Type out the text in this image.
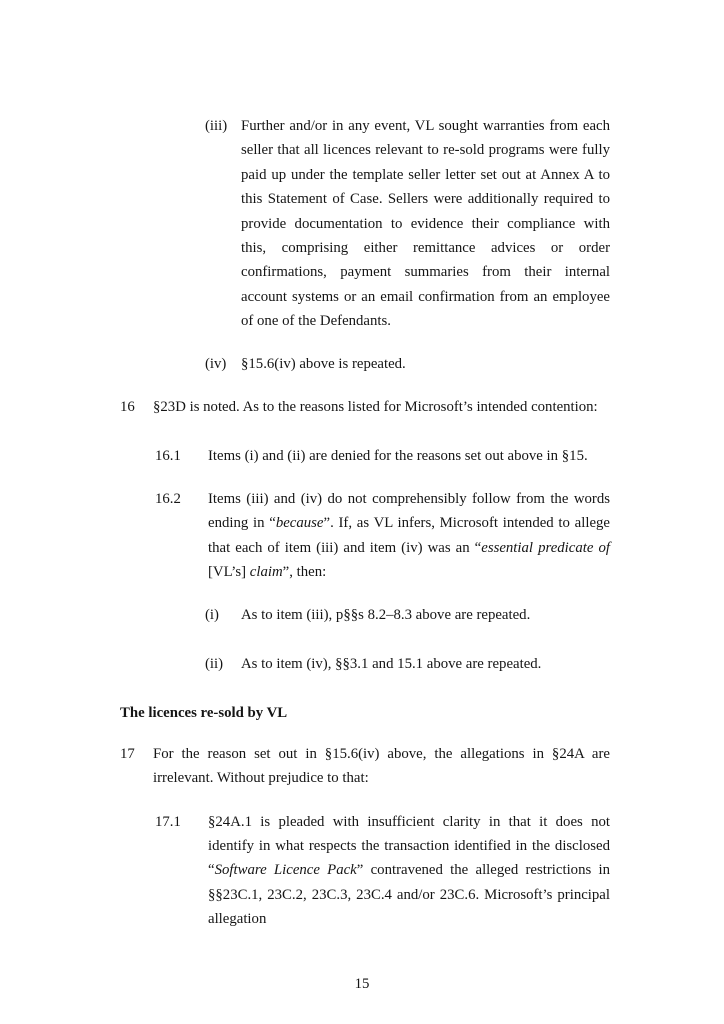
(iii) Further and/or in any event, VL sought warranties from each seller that all licences relevant to re-sold programs were fully paid up under the template seller letter set out at Annex A to this Statement of Case. Sellers were additionally required to provide documentation to evidence their compliance with this, comprising either remittance advices or order confirmations, payment summaries from their internal account systems or an email confirmation from an employee of one of the Defendants.
(iv) §15.6(iv) above is repeated.
16	§23D is noted. As to the reasons listed for Microsoft’s intended contention:
16.1	Items (i) and (ii) are denied for the reasons set out above in §15.
16.2	Items (iii) and (iv) do not comprehensibly follow from the words ending in “because”. If, as VL infers, Microsoft intended to allege that each of item (iii) and item (iv) was an “essential predicate of [VL’s] claim”, then:
(i)	As to item (iii), p§§s 8.2–8.3 above are repeated.
(ii)	As to item (iv), §§3.1 and 15.1 above are repeated.
The licences re-sold by VL
17	For the reason set out in §15.6(iv) above, the allegations in §24A are irrelevant. Without prejudice to that:
17.1	§24A.1 is pleaded with insufficient clarity in that it does not identify in what respects the transaction identified in the disclosed “Software Licence Pack” contravened the alleged restrictions in §§23C.1, 23C.2, 23C.3, 23C.4 and/or 23C.6. Microsoft’s principal allegation
15
